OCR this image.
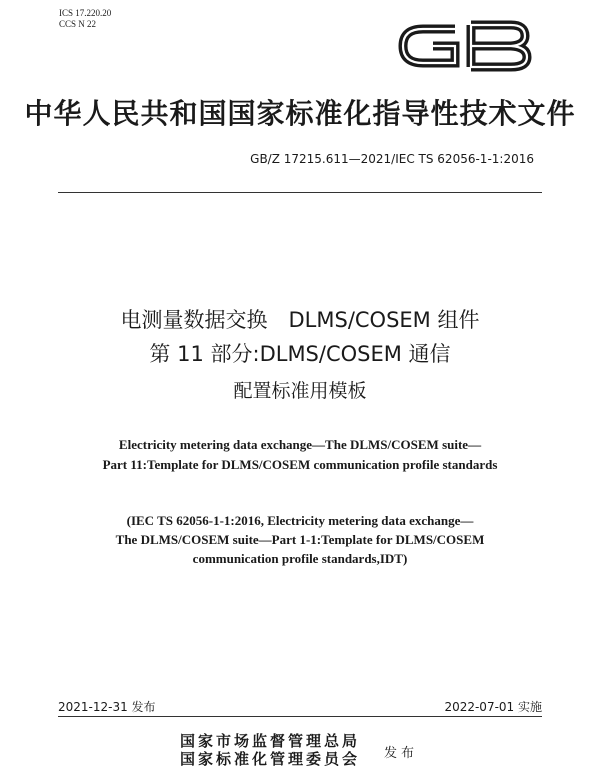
ICS 17.220.20
CCS N 22
中华人民共和国国家标准化指导性技术文件
GB/Z 17215.611—2021/IEC TS 62056-1-1:2016
电测量数据交换　DLMS/COSEM 组件
第 11 部分:DLMS/COSEM 通信
配置标准用模板
Electricity metering data exchange—The DLMS/COSEM suite—
Part 11:Template for DLMS/COSEM communication profile standards
(IEC TS 62056-1-1:2016, Electricity metering data exchange—
The DLMS/COSEM suite—Part 1-1:Template for DLMS/COSEM
communication profile standards,IDT)
2021-12-31 发布	2022-07-01 实施
国家市场监督管理总局
国家标准化管理委员会 发布
